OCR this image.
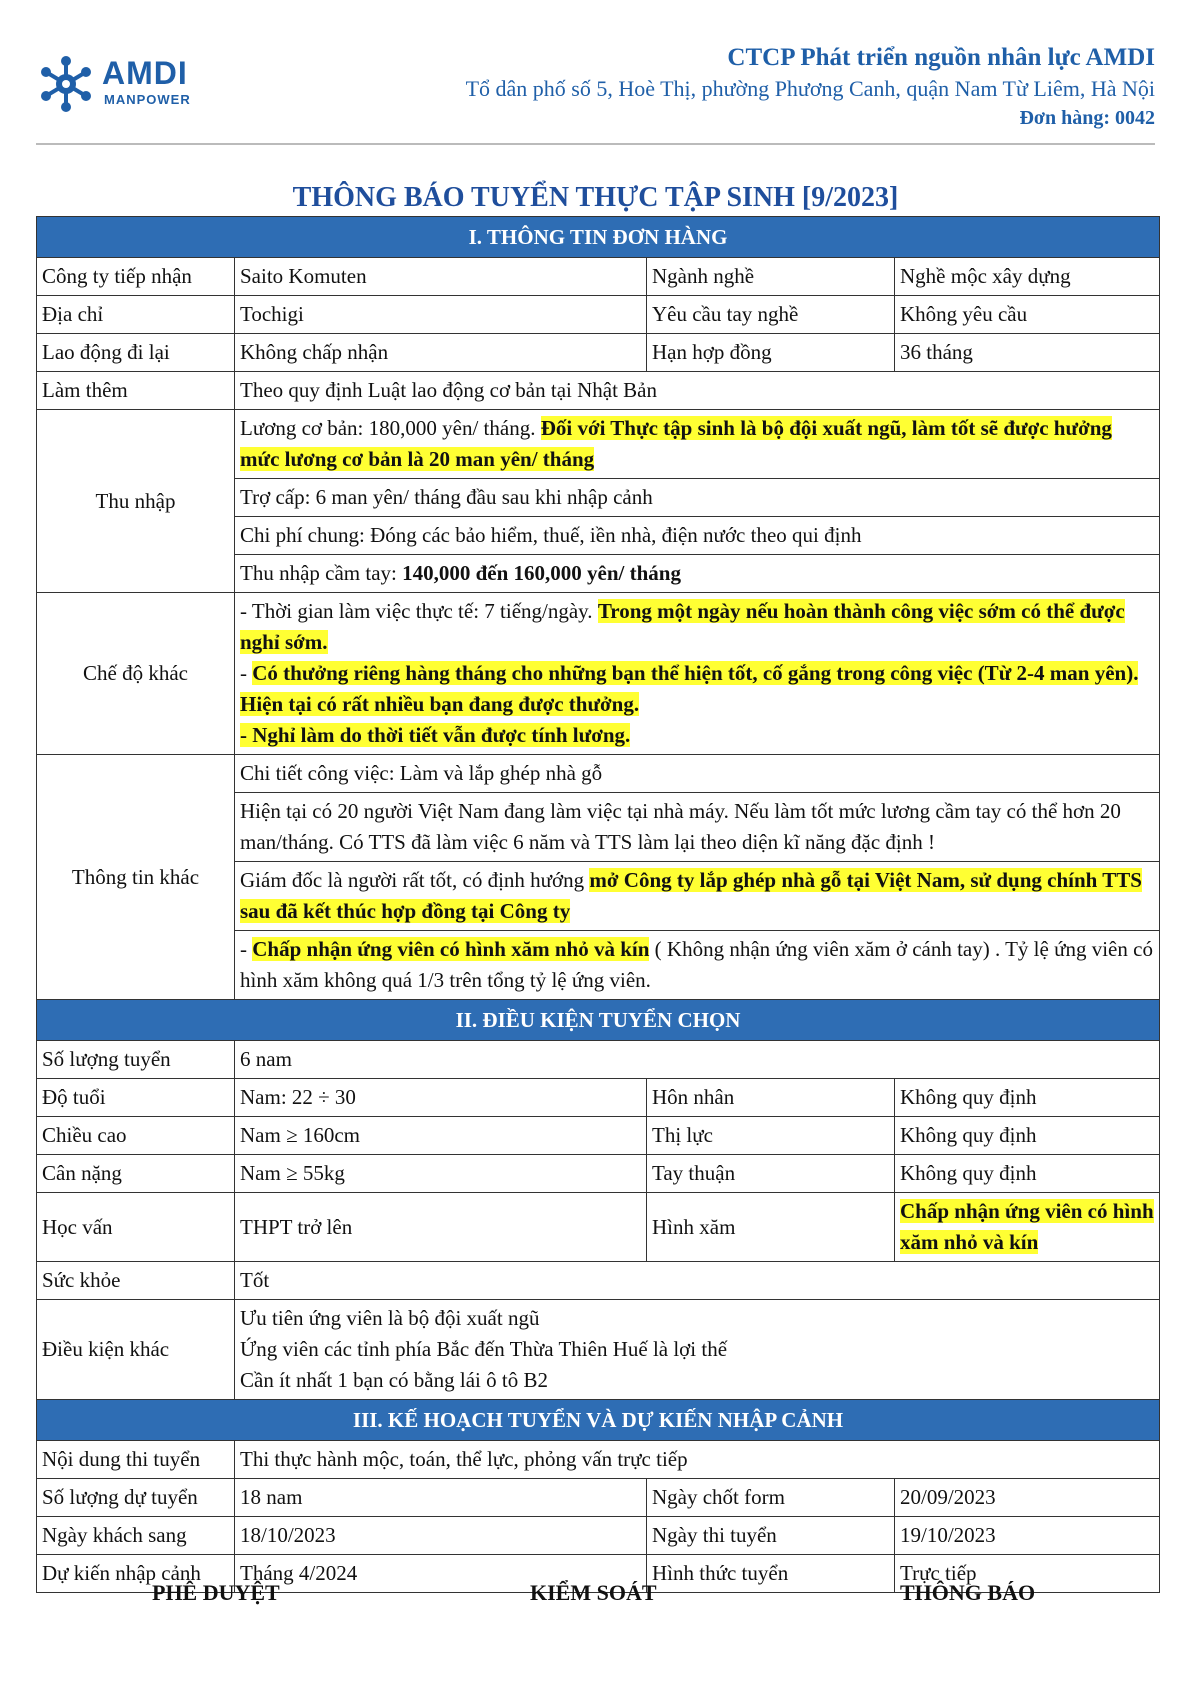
AMDI
MANPOWER
CTCP Phát triển nguồn nhân lực AMDI
Tổ dân phố số 5, Hoè Thị, phường Phương Canh, quận Nam Từ Liêm, Hà Nội
Đơn hàng: 0042
THÔNG BÁO TUYỂN THỰC TẬP SINH [9/2023]
I. THÔNG TIN ĐƠN HÀNG			
Công ty tiếp nhận	Saito Komuten	Ngành nghề	Nghề mộc xây dựng
Địa chỉ	Tochigi	Yêu cầu tay nghề	Không yêu cầu
Lao động đi lại	Không chấp nhận	Hạn hợp đồng	36 tháng
Làm thêm	Theo quy định Luật lao động cơ bản tại Nhật Bản		
Thu nhập	Lương cơ bản: 180,000 yên/ tháng. Đối với Thực tập sinh là bộ đội xuất ngũ, làm tốt sẽ được hưởng mức lương cơ bản là 20 man yên/ tháng		
	Trợ cấp: 6 man yên/ tháng đầu sau khi nhập cảnh		
	Chi phí chung: Đóng các bảo hiểm, thuế, iền nhà, điện nước theo qui định		
	Thu nhập cầm tay: 140,000 đến 160,000 yên/ tháng		
Chế độ khác	- Thời gian làm việc thực tế: 7 tiếng/ngày. Trong một ngày nếu hoàn thành công việc sớm có thể được nghỉ sớm.
- Có thưởng riêng hàng tháng cho những bạn thể hiện tốt, cố gắng trong công việc (Từ 2-4 man yên). Hiện tại có rất nhiều bạn đang được thưởng.
- Nghỉ làm do thời tiết vẫn được tính lương.		

Thông tin khác	Chi tiết công việc: Làm và lắp ghép nhà gỗ		
	Hiện tại có 20 người Việt Nam đang làm việc tại nhà máy. Nếu làm tốt mức lương cầm tay có thể hơn 20 man/tháng. Có TTS đã làm việc 6 năm và TTS làm lại theo diện kĩ năng đặc định !		
	Giám đốc là người rất tốt, có định hướng mở Công ty lắp ghép nhà gỗ tại Việt Nam, sử dụng chính TTS sau đã kết thúc hợp đồng tại Công ty		
	- Chấp nhận ứng viên có hình xăm nhỏ và kín ( Không nhận ứng viên xăm ở cánh tay) . Tỷ lệ ứng viên có hình xăm không quá 1/3 trên tổng tỷ lệ ứng viên.		
II. ĐIỀU KIỆN TUYỂN CHỌN			
Số lượng tuyển	6 nam		
Độ tuổi	Nam: 22 ÷ 30	Hôn nhân	Không quy định
Chiều cao	Nam ≥ 160cm	Thị lực	Không quy định
Cân nặng	Nam ≥ 55kg	Tay thuận	Không quy định
Học vấn	THPT trở lên	Hình xăm	Chấp nhận ứng viên có hình xăm nhỏ và kín
Sức khỏe	Tốt		
Điều kiện khác	Ưu tiên ứng viên là bộ đội xuất ngũ
Ứng viên các tỉnh phía Bắc đến Thừa Thiên Huế là lợi thế
Cần ít nhất 1 bạn có bằng lái ô tô B2		

III. KẾ HOẠCH TUYỂN VÀ DỰ KIẾN NHẬP CẢNH			
Nội dung thi tuyển	Thi thực hành mộc, toán, thể lực, phỏng vấn trực tiếp		
Số lượng dự tuyển	18 nam	Ngày chốt form	20/09/2023
Ngày khách sang	18/10/2023	Ngày thi tuyển	19/10/2023
Dự kiến nhập cảnh	Tháng 4/2024	Hình thức tuyển	Trực tiếp
PHÊ DUYỆT	KIỂM SOÁT	THÔNG BÁO
